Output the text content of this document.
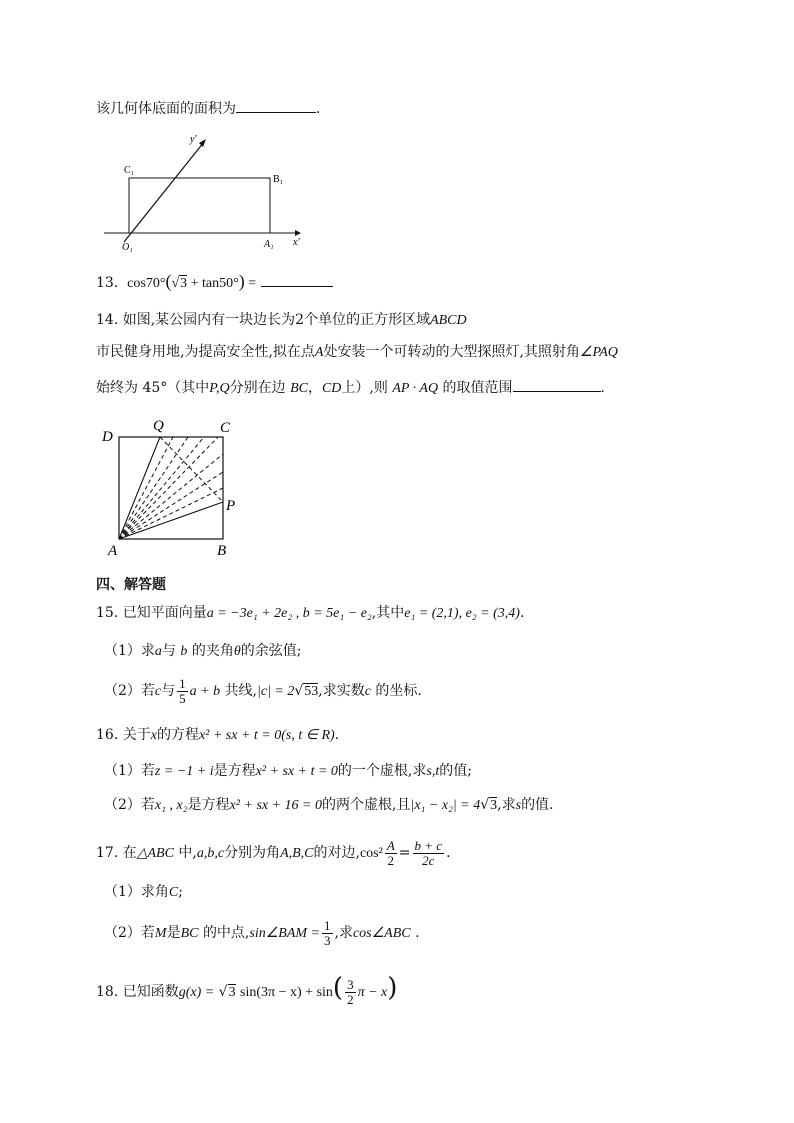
该几何体底面的面积为	.
C₁
B₁
O₁	A₁ x′
y′
13. cos70°(√3 + tan50°) =
14. 如图,某公园内有一块边长为2个单位的正方形区域ABCD
市民健身用地,为提高安全性,拟在点A处安装一个可转动的大型探照灯,其照射角∠PAQ
始终为 45°（其中P,Q分别在边 BC，CD上）,则 AP · AQ 的取值范围	.
D
Q	C
P
A	B
四、解答题
15. 已知平面向量a = −3e₁ + 2e₂ , b = 5e₁ − e₂,其中e₁ = (2,1), e₂ = (3,4).
（1）求a与 b 的夹角θ的余弦值;
（2）若c与 $\frac{1}{5}$ a + b 共线,|c| = 2√53,求实数c 的坐标.
16. 关于x的方程x² + sx + t = 0(s, t ∈ R).
（1）若z = −1 + i是方程x² + sx + t = 0的一个虚根,求s,t的值;
（2）若x₁ , x₂是方程x² + sx + 16 = 0的两个虚根,且|x₁ − x₂| = 4√3,求s的值.
17. 在△ABC 中,a,b,c分别为角A,B,C的对边$,\cos^2 \frac{A}{2} = \frac{b + c}{2c}$ .
（1）求角C;
（2）若M是BC 的中点,sin∠BAM = $\frac{1}{3}$ ,求cos∠ABC .
18. 已知函数g(x) = √3 $\sin(3\pi - x) + \sin( \frac{3}{2}$ π − x)
